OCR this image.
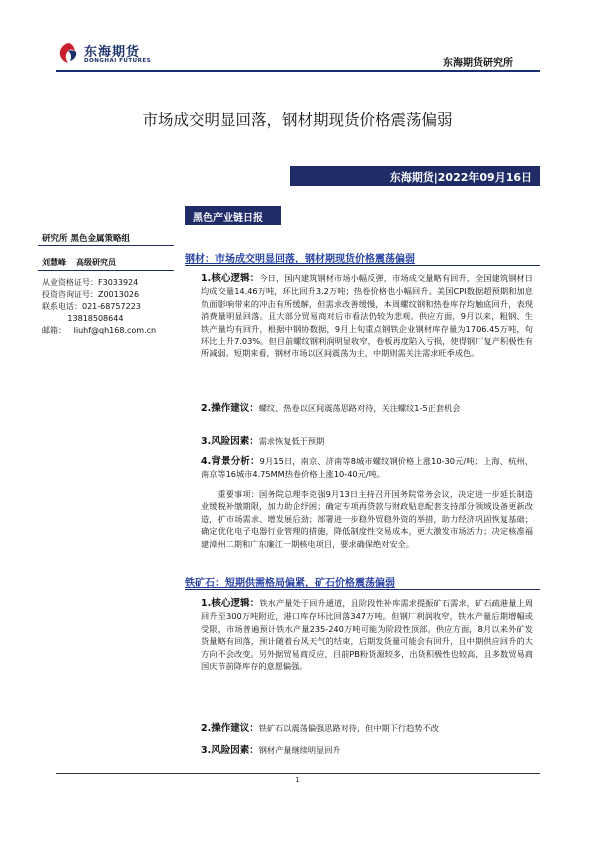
东海期货
DONGHAI FUTURES	东海期货研究所
市场成交明显回落，钢材期现货价格震荡偏弱
东海期货|2022年09月16日
黑色产业链日报
研究所 黑色金属策略组
刘慧峰 高级研究员
从业资格证号：F3033924
投资咨询证号：Z0013026
联系电话：021-68757223
13818508644
邮箱：   liuhf@qh168.com.cn
钢材：市场成交明显回落，钢材期现货价格震荡偏弱
1.核心逻辑：今日，国内建筑钢材市场小幅反弹，市场成交量略有回升，全国建筑钢材日均成交量14.46万吨，环比回升3.2万吨；热卷价格也小幅回升。美国CPI数据超预期和加息负面影响带来的冲击有所缓解，但需求改善缓慢，本周螺纹钢和热卷库存均触底回升，表现消费量明显回落。且大部分贸易商对后市看法仍较为悲观。供应方面，9月以来，粗钢、生铁产量均有回升，根据中钢协数据，9月上旬重点钢铁企业钢材库存量为1706.45万吨，旬环比上升7.03%。但目前螺纹钢利润明显收窄，卷板再度陷入亏损，使得钢厂复产积极性有所减弱。短期来看，钢材市场以区间震荡为主，中期则需关注需求旺季成色。
2.操作建议：螺纹、热卷以区间震荡思路对待，关注螺纹1-5正套机会
3.风险因素：需求恢复低于预期
4.背景分析：9月15日，南京、济南等8城市螺纹钢价格上涨10-30元/吨；上海、杭州、南京等16城市4.75MM热卷价格上涨10-40元/吨。
重要事项：国务院总理李克强9月13日主持召开国务院常务会议，决定进一步延长制造业缓税补缴期限，加力助企纾困；确定专项再贷款与财政贴息配套支持部分领域设备更新改造，扩市场需求、增发展后劲；部署进一步稳外贸稳外资的举措，助力经济巩固恢复基础；确定优化电子电器行业管理的措施，降低制度性交易成本，更大激发市场活力；决定核准福建漳州二期和广东廉江一期核电项目，要求确保绝对安全。
铁矿石：短期供需格局偏紧，矿石价格震荡偏弱
1.核心逻辑：铁水产量处于回升通道，且阶段性补库需求提振矿石需求，矿石疏港量上周回升至300万吨附近，港口库存环比回落347万吨。但钢厂利润收窄，铁水产量后期增幅或受限，市场普遍预计铁水产量235-240万吨可能为阶段性顶部。供应方面，8月以来外矿发货量略有回落，预计随着台风天气的结束，后期发货量可能会有回升，且中期供应回升的大方向不会改变。另外据贸易商反应，目前PB粉货源较多，出货积极性也较高，且多数贸易商国庆节前降库存的意愿偏强。
2.操作建议：铁矿石以震荡偏强思路对待，但中期下行趋势不改
3.风险因素：钢材产量继续明显回升
1
